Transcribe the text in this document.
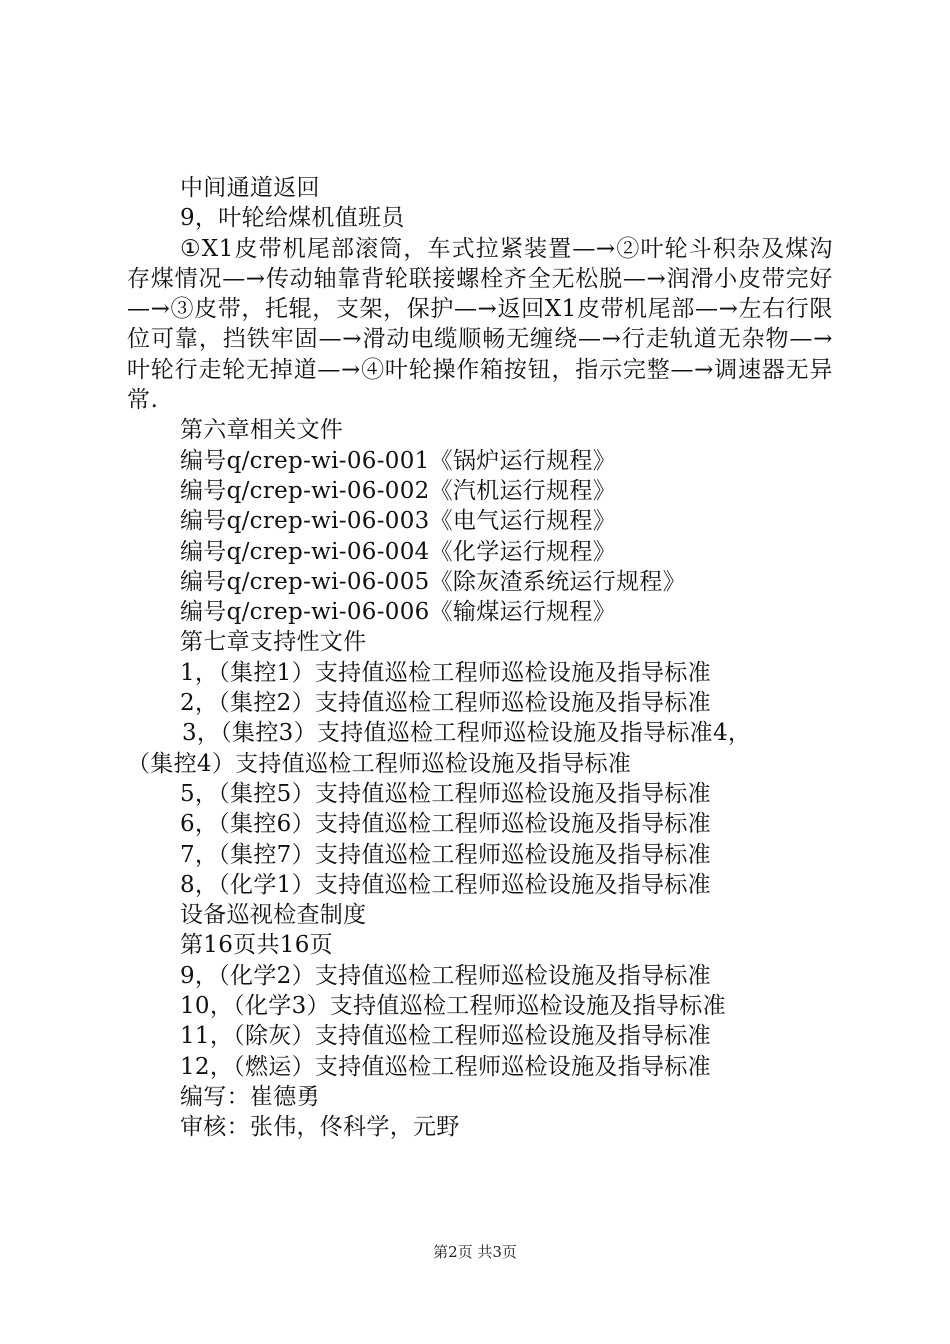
中间通道返回
9，叶轮给煤机值班员
①X1皮带机尾部滚筒，车式拉紧装置—→②叶轮斗积杂及煤沟存煤情况—→传动轴靠背轮联接螺栓齐全无松脱—→润滑小皮带完好—→③皮带，托辊，支架，保护—→返回X1皮带机尾部—→左右行限位可靠，挡铁牢固—→滑动电缆顺畅无缠绕—→行走轨道无杂物—→叶轮行走轮无掉道—→④叶轮操作箱按钮，指示完整—→调速器无异常.
第六章相关文件
编号q/crep-wi-06-001《锅炉运行规程》
编号q/crep-wi-06-002《汽机运行规程》
编号q/crep-wi-06-003《电气运行规程》
编号q/crep-wi-06-004《化学运行规程》
编号q/crep-wi-06-005《除灰渣系统运行规程》
编号q/crep-wi-06-006《输煤运行规程》
第七章支持性文件
1，（集控1）支持值巡检工程师巡检设施及指导标准
2，（集控2）支持值巡检工程师巡检设施及指导标准
3，（集控3）支持值巡检工程师巡检设施及指导标准4，
（集控4）支持值巡检工程师巡检设施及指导标准
5，（集控5）支持值巡检工程师巡检设施及指导标准
6，（集控6）支持值巡检工程师巡检设施及指导标准
7，（集控7）支持值巡检工程师巡检设施及指导标准
8，（化学1）支持值巡检工程师巡检设施及指导标准
设备巡视检查制度
第16页共16页
9，（化学2）支持值巡检工程师巡检设施及指导标准
10，（化学3）支持值巡检工程师巡检设施及指导标准
11，（除灰）支持值巡检工程师巡检设施及指导标准
12，（燃运）支持值巡检工程师巡检设施及指导标准
编写：崔德勇
审核：张伟，佟科学，元野
第2页 共3页
